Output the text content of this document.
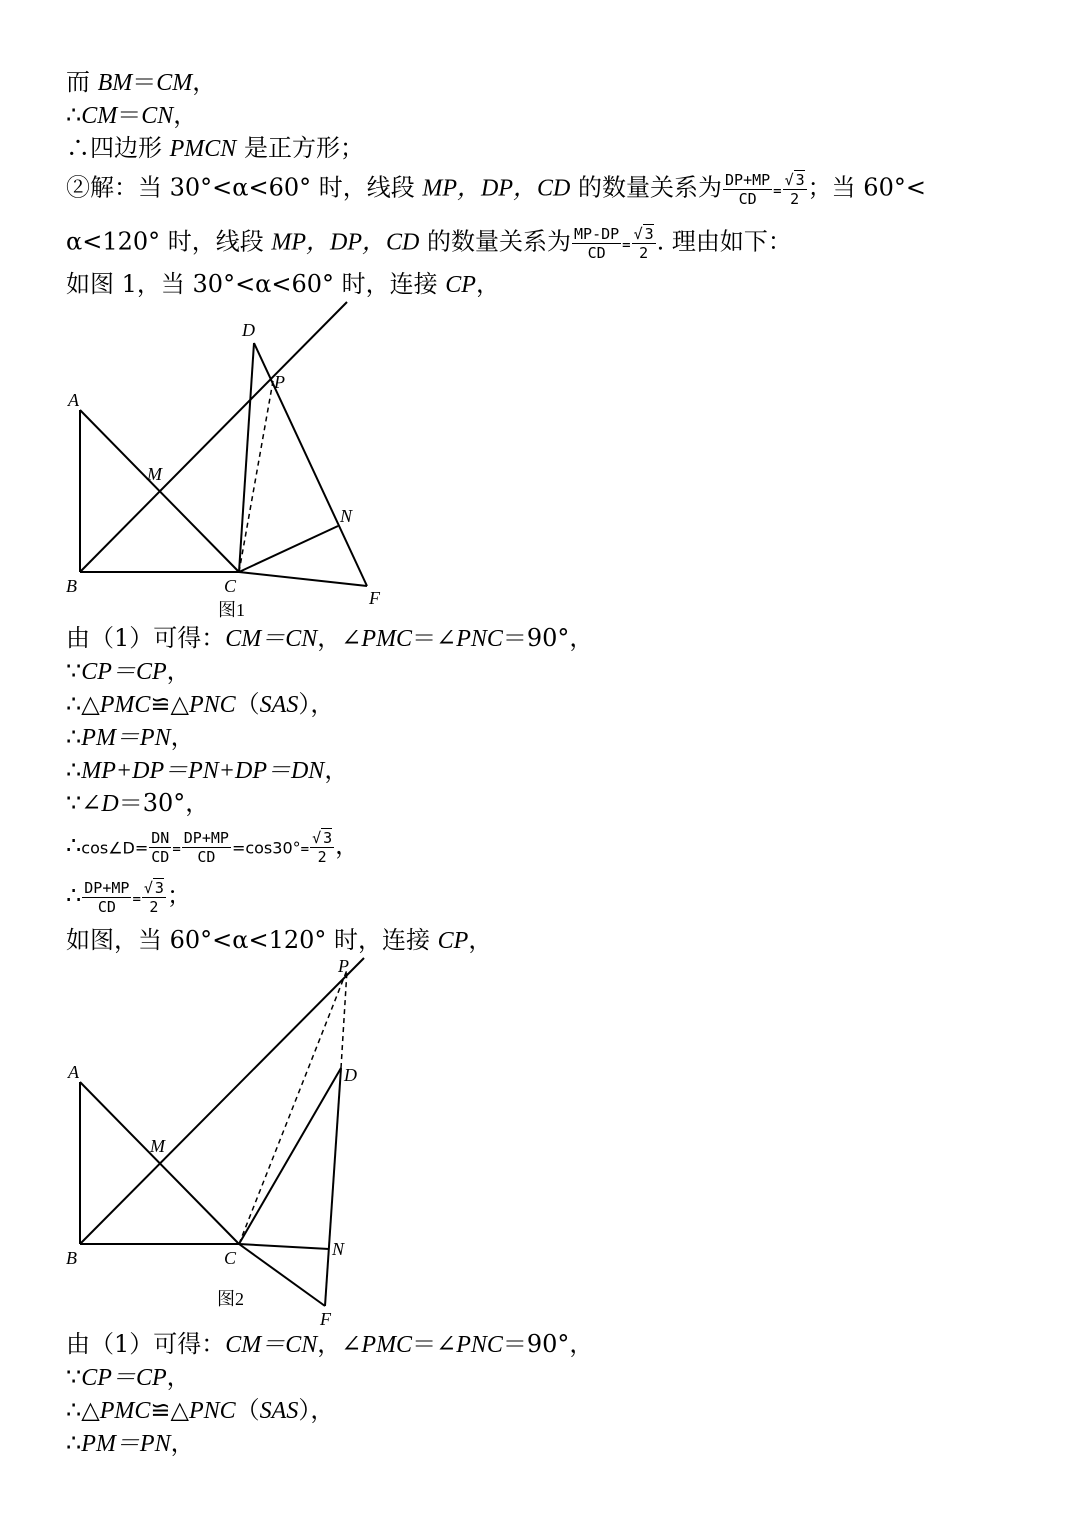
而 BM＝CM，
∴CM＝CN，
∴四边形 PMCN 是正方形；
②解：当 30°<α<60° 时，线段 MP，DP，CD 的数量关系为 $\frac{DP+MP}{CD} = \frac{√ 3}{2}$ ；当 60°<
α<120° 时，线段 MP，DP，CD 的数量关系为 $\frac{MP-DP}{CD} = \frac{√ 3}{2}$ . 理由如下：
如图 1，当 30°<α<60° 时，连接 CP，
A
B	C
D
M
N
P
F
图1
由（1）可得：CM＝CN，∠PMC＝∠PNC＝90°，
∵CP＝CP，
∴△PMC≌△PNC（SAS），
∴PM＝PN，
∴MP+DP＝PN+DP＝DN，
∵∠D＝30°，
∴cos∠D= $\frac{DN}{CD} = \frac{DP+MP}{CD} =\cos 30^\circ= \frac{√ 3}{2}$ ，
∴ $\frac{DP+MP}{CD} = \frac{√ 3}{2}$ ；
如图，当 60°<α<120° 时，连接 CP，
A
B	C
D
M
N
P
F
图2
由（1）可得：CM＝CN，∠PMC＝∠PNC＝90°，
∵CP＝CP，
∴△PMC≌△PNC（SAS），
∴PM＝PN，
